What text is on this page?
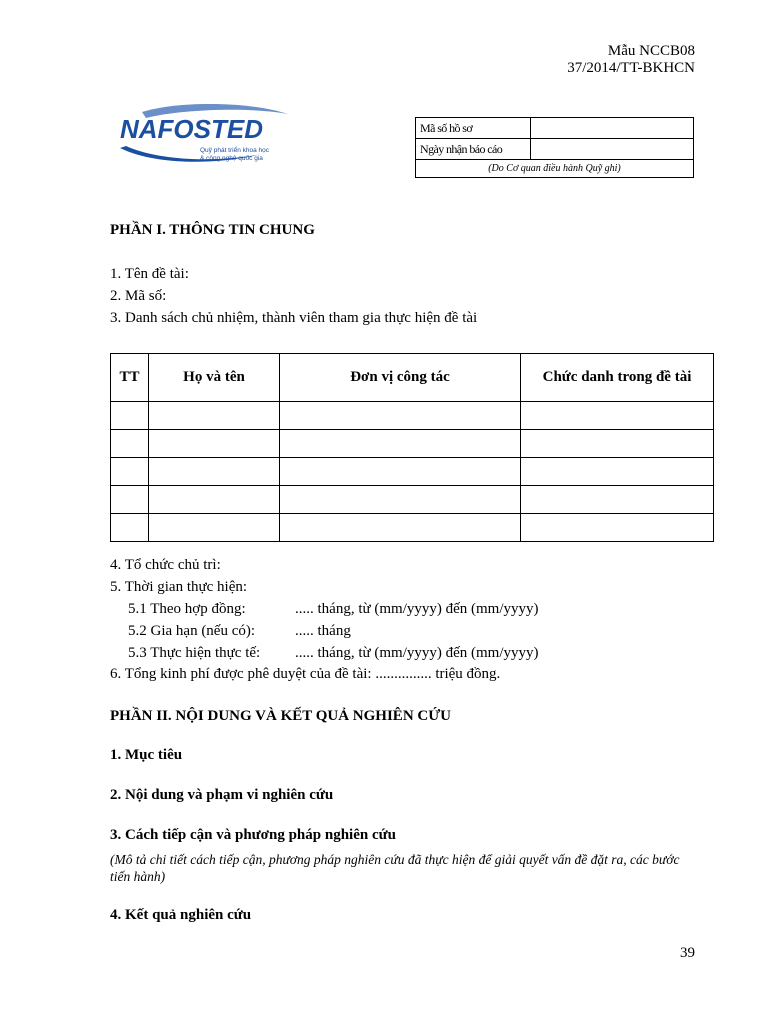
Mẫu NCCB08
37/2014/TT-BKHCN
NAFOSTED
Quỹ phát triển khoa học
& công nghệ quốc gia
Mã số hồ sơ	
Ngày nhận báo cáo	
(Do Cơ quan điều hành Quỹ ghi)	
PHẦN I. THÔNG TIN CHUNG
1. Tên đề tài:
2. Mã số:
3. Danh sách chủ nhiệm, thành viên tham gia thực hiện đề tài
TT	Họ và tên	Đơn vị công tác	Chức danh trong đề tài

4. Tổ chức chủ trì:
5. Thời gian thực hiện:
5.1 Theo hợp đồng:	..... tháng, từ (mm/yyyy) đến (mm/yyyy)
5.2 Gia hạn (nếu có):	..... tháng
5.3 Thực hiện thực tế: ..... tháng, từ (mm/yyyy) đến (mm/yyyy)
6. Tổng kinh phí được phê duyệt của đề tài: ............... triệu đồng.
PHẦN II. NỘI DUNG VÀ KẾT QUẢ NGHIÊN CỨU
1. Mục tiêu
2. Nội dung và phạm vi nghiên cứu
3. Cách tiếp cận và phương pháp nghiên cứu
(Mô tả chi tiết cách tiếp cận, phương pháp nghiên cứu đã thực hiện để giải quyết vấn đề đặt ra, các bước tiến hành)
4. Kết quả nghiên cứu
39
